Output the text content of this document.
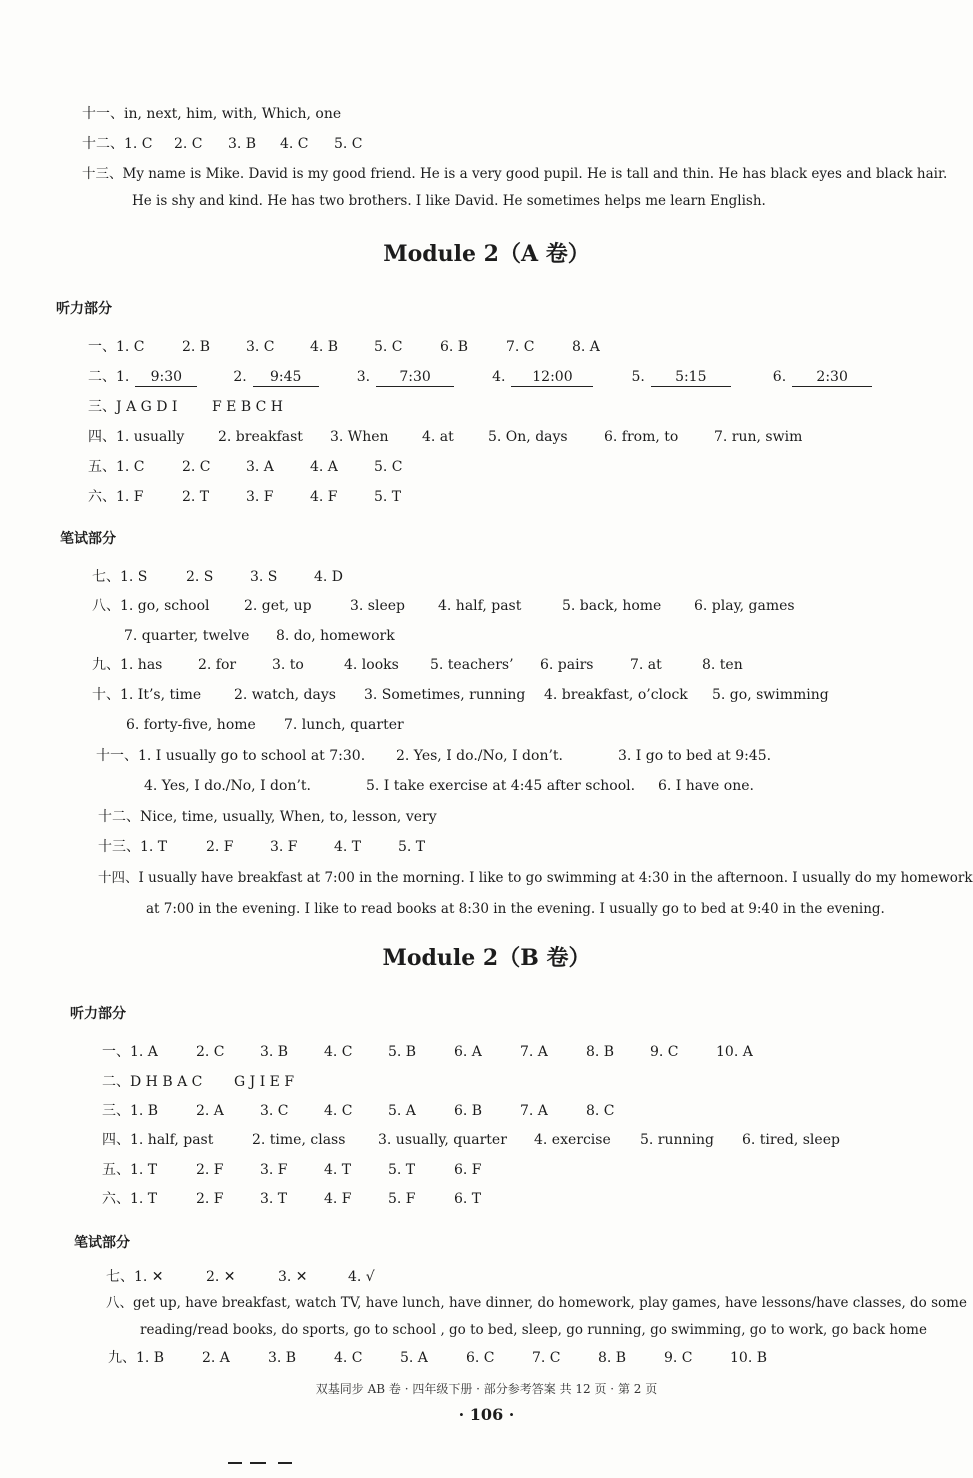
十一、in, next, him, with, Which, one
十二、1. C 2. C 3. B 4. C 5. C
十三、My name is Mike. David is my good friend. He is a very good pupil. He is tall and thin. He has black eyes and black hair.
He is shy and kind. He has two brothers. I like David. He sometimes helps me learn English.
Module 2（A 卷）
听力部分
一、1. C	2. B	3. C	4. B	5. C	6. B	7. C	8. A
二、1. 9:30	2. 9:45	3. 7:30	4. 12:00	5. 5:15	6. 2:30
三、J A G D I F E B C H
四、1. usually 2. breakfast 3. When 4. at 5. On, days	6. from, to	7. run, swim
五、1. C	2. C	3. A	4. A	5. C
六、1. F	2. T	3. F	4. F	5. T
笔试部分
七、1. S	2. S	3. S	4. D
八、1. go, school 2. get, up	3. sleep 4. half, past	5. back, home 6. play, games
7. quarter, twelve 8. do, homework
九、1. has	2. for	3. to	4. looks 5. teachers’ 6. pairs	7. at	8. ten
十、1. It’s, time 2. watch, days 3. Sometimes, running 4. breakfast, o’clock 5. go, swimming
6. forty-five, home 7. lunch, quarter
十一、1. I usually go to school at 7:30. 2. Yes, I do./No, I don’t.	3. I go to bed at 9:45.
4. Yes, I do./No, I don’t.	5. I take exercise at 4:45 after school. 6. I have one.
十二、Nice, time, usually, When, to, lesson, very
十三、1. T	2. F	3. F	4. T	5. T
十四、I usually have breakfast at 7:00 in the morning. I like to go swimming at 4:30 in the afternoon. I usually do my homework
at 7:00 in the evening. I like to read books at 8:30 in the evening. I usually go to bed at 9:40 in the evening.
Module 2（B 卷）
听力部分
一、1. A	2. C	3. B	4. C	5. B	6. A	7. A	8. B	9. C	10. A
二、D H B A C G J I E F
三、1. B	2. A	3. C	4. C	5. A	6. B	7. A	8. C
四、1. half, past	2. time, class 3. usually, quarter 4. exercise 5. running 6. tired, sleep
五、1. T	2. F	3. F	4. T	5. T	6. F
六、1. T	2. F	3. T	4. F	5. F	6. T
笔试部分
七、1. ✕	2. ✕	3. ✕	4. √
八、get up, have breakfast, watch TV, have lunch, have dinner, do homework, play games, have lessons/have classes, do some
reading/read books, do sports, go to school , go to bed, sleep, go running, go swimming, go to work, go back home
九、1. B	2. A	3. B	4. C	5. A	6. C	7. C	8. B	9. C	10. B
双基同步 AB 卷 · 四年级下册 · 部分参考答案 共 12 页 · 第 2 页
· 106 ·
